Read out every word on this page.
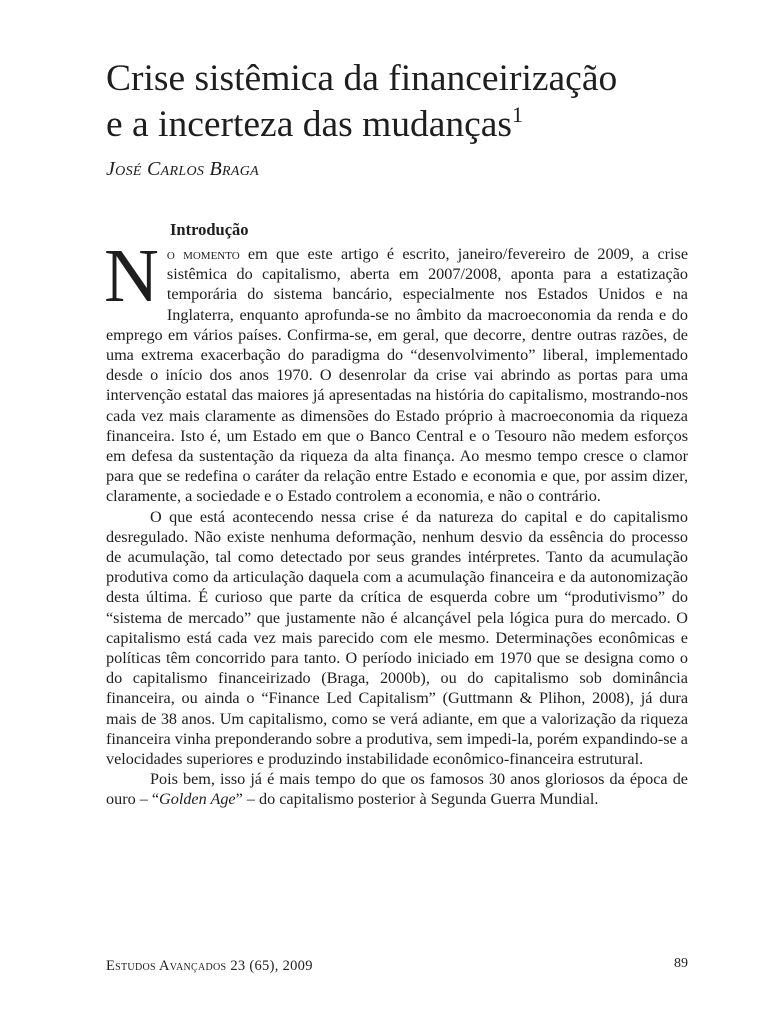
Crise sistêmica da financeirização
e a incerteza das mudanças$^1$
José Carlos Braga
Introdução

No momento em que este artigo é escrito, janeiro/fevereiro de 2009, a crise sistêmica do capitalismo, aberta em 2007/2008, aponta para a estatização temporária do sistema bancário, especialmente nos Estados Unidos e na Inglaterra, enquanto aprofunda-se no âmbito da macroeconomia da renda e do emprego em vários países. Confirma-se, em geral, que decorre, dentre outras razões, de uma extrema exacerbação do paradigma do “desenvolvimento” liberal, implementado desde o início dos anos 1970. O desenrolar da crise vai abrindo as portas para uma intervenção estatal das maiores já apresentadas na história do capitalismo, mostrando-nos cada vez mais claramente as dimensões do Estado próprio à macroeconomia da riqueza financeira. Isto é, um Estado em que o Banco Central e o Tesouro não medem esforços em defesa da sustentação da riqueza da alta finança. Ao mesmo tempo cresce o clamor para que se redefina o caráter da relação entre Estado e economia e que, por assim dizer, claramente, a sociedade e o Estado controlem a economia, e não o contrário.

O que está acontecendo nessa crise é da natureza do capital e do capitalismo desregulado. Não existe nenhuma deformação, nenhum desvio da essência do processo de acumulação, tal como detectado por seus grandes intérpretes. Tanto da acumulação produtiva como da articulação daquela com a acumulação financeira e da autonomização desta última. É curioso que parte da crítica de esquerda cobre um “produtivismo” do “sistema de mercado” que justamente não é alcançável pela lógica pura do mercado. O capitalismo está cada vez mais parecido com ele mesmo. Determinações econômicas e políticas têm concorrido para tanto. O período iniciado em 1970 que se designa como o do capitalismo financeirizado (Braga, 2000b), ou do capitalismo sob dominância financeira, ou ainda o “Finance Led Capitalism” (Guttmann & Plihon, 2008), já dura mais de 38 anos. Um capitalismo, como se verá adiante, em que a valorização da riqueza financeira vinha preponderando sobre a produtiva, sem impedi-la, porém expandindo-se a velocidades superiores e produzindo instabilidade econômico-financeira estrutural.

Pois bem, isso já é mais tempo do que os famosos 30 anos gloriosos da época de ouro – “Golden Age” – do capitalismo posterior à Segunda Guerra Mundial.

Estudos Avançados 23 (65), 2009	89
